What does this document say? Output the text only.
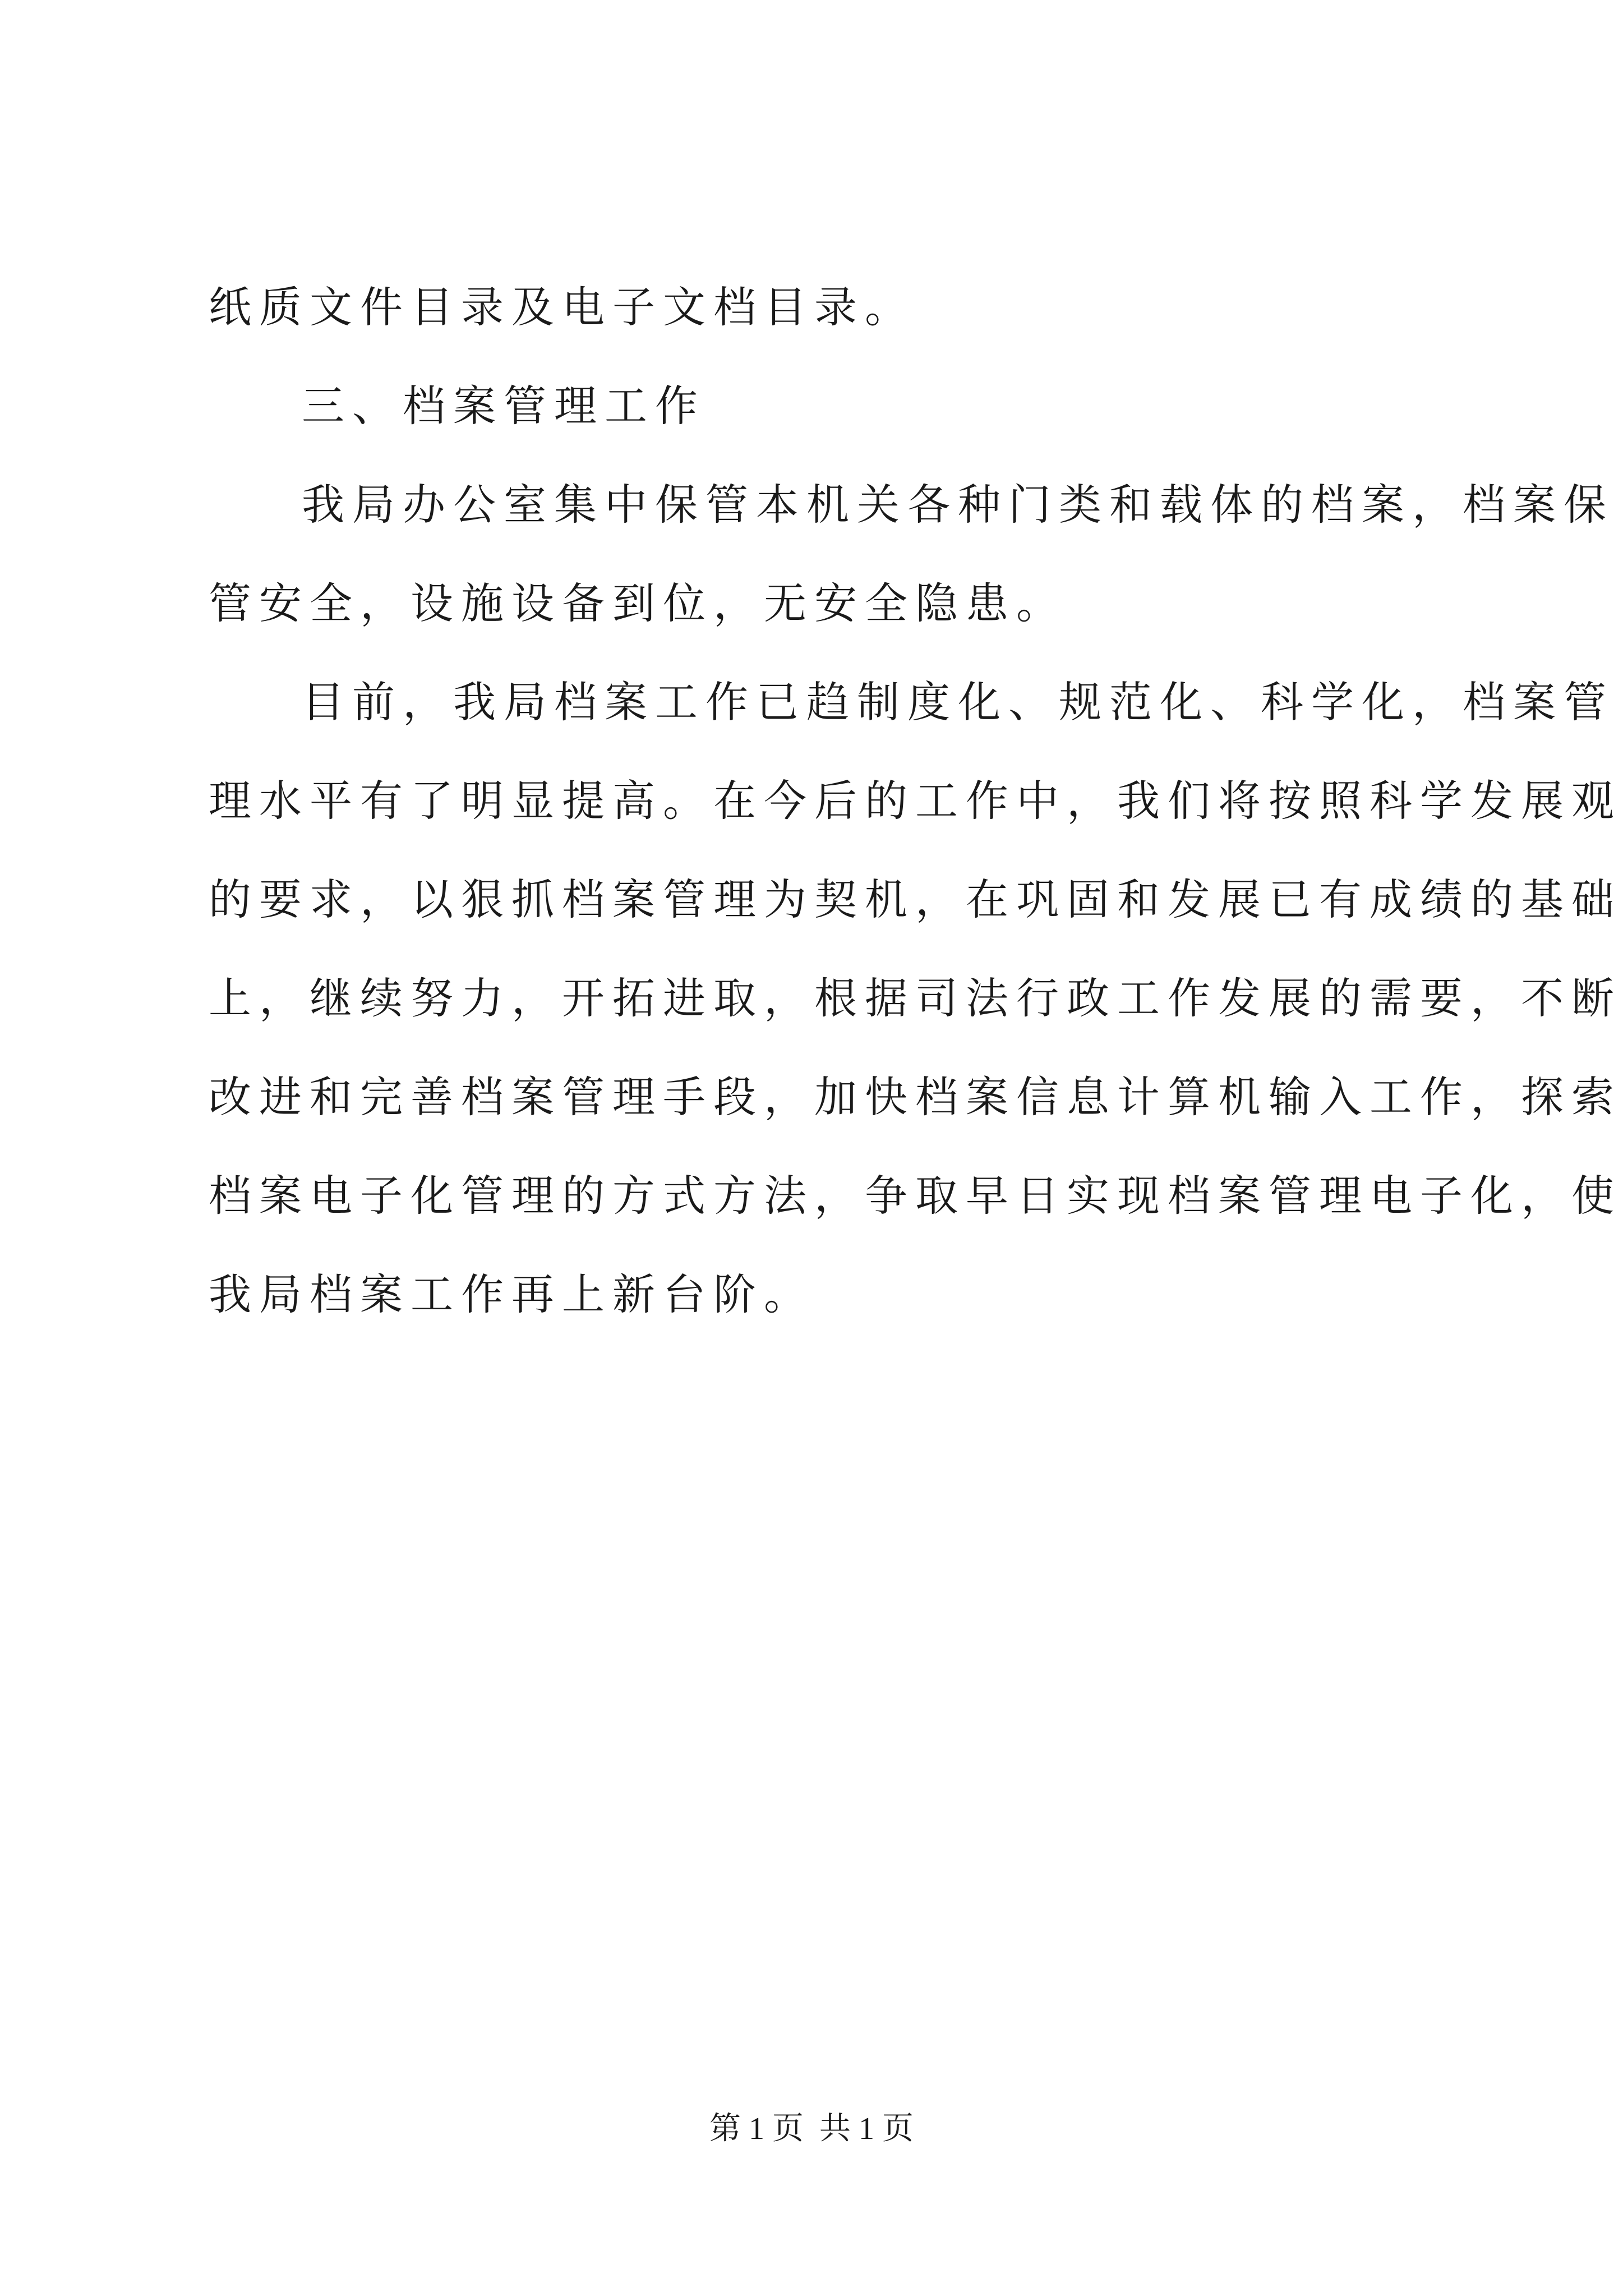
纸质文件目录及电子文档目录。
三、档案管理工作
我局办公室集中保管本机关各种门类和载体的档案，档案保
管安全，设施设备到位，无安全隐患。
目前，我局档案工作已趋制度化、规范化、科学化，档案管
理水平有了明显提高。在今后的工作中，我们将按照科学发展观
的要求，以狠抓档案管理为契机，在巩固和发展已有成绩的基础
上，继续努力，开拓进取，根据司法行政工作发展的需要，不断
改进和完善档案管理手段，加快档案信息计算机输入工作，探索
档案电子化管理的方式方法，争取早日实现档案管理电子化，使
我局档案工作再上新台阶。
第 1 页  共 1 页
